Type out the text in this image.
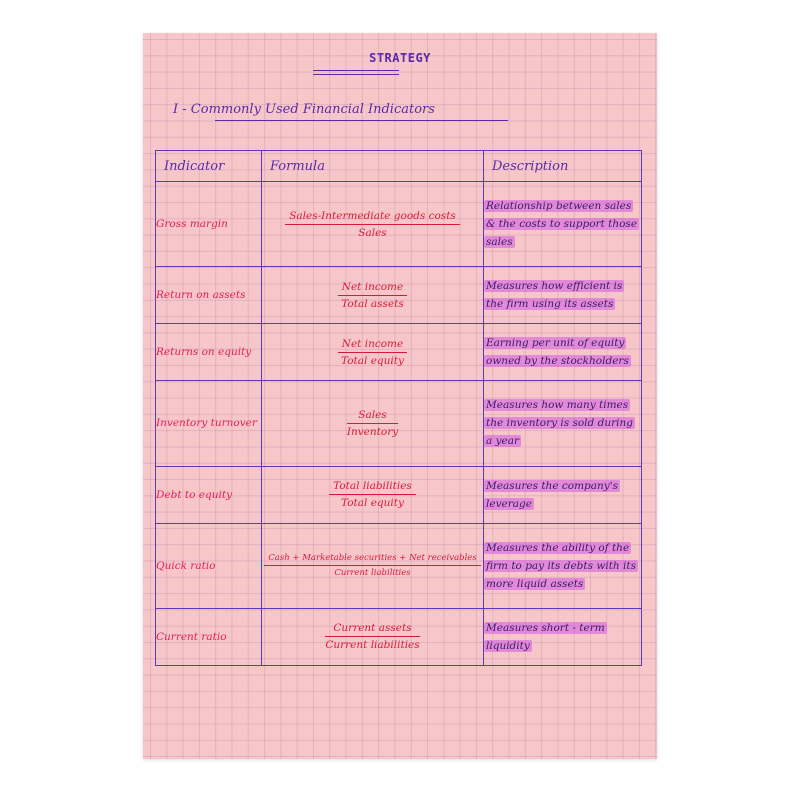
STRATEGY
I - Commonly Used Financial Indicators
Indicator	Formula	Description
Gross margin	$\frac{\text{Sales-Intermediate goods costs}}{\text{Sales}}$	Relationship between sales & the costs to support those sales
Return on assets	$\frac{\text{Net income}}{\text{Total assets}}$	Measures how efficient is the firm using its assets
Returns on equity	$\frac{\text{Net income}}{\text{Total equity}}$	Earning per unit of equity owned by the stockholders
Inventory turnover	$\frac{\text{Sales}}{\text{Inventory}}$	Measures how many times the inventory is sold during a year
Debt to equity	$\frac{\text{Total liabilities}}{\text{Total equity}}$	Measures the company's leverage
Quick ratio	$\frac{\text{Cash + Marketable securities + Net receivables}}{\text{Current liabilities}}$	Measures the ability of the firm to pay its debts with its more liquid assets
Current ratio	$\frac{\text{Current assets}}{\text{Current liabilities}}$	Measures short - term liquidity
